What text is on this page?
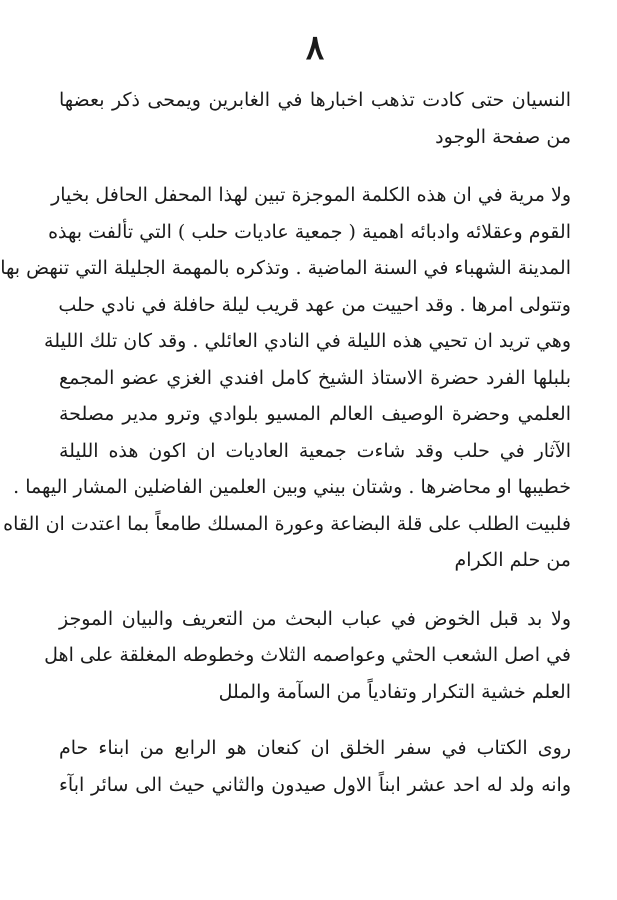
٨
النسيان حتى كادت تذهب اخبارها في الغابرين ويمحى ذكر بعضها
من صفحة الوجود
ولا مرية في ان هذه الكلمة الموجزة تبين لهذا المحفل الحافل بخيار
القوم وعقلائه وادبائه اهمية ( جمعية عاديات حلب ) التي تألفت بهذه
المدينة الشهباء في السنة الماضية . وتذكره بالمهمة الجليلة التي تنهض بها
وتتولى امرها . وقد احييت من عهد قريب ليلة حافلة في نادي حلب
وهي تريد ان تحيي هذه الليلة في النادي العائلي . وقد كان تلك الليلة
بلبلها الفرد حضرة الاستاذ الشيخ كامل افندي الغزي عضو المجمع
العلمي وحضرة الوصيف العالم المسيو بلوادي وترو مدير مصلحة
الآثار في حلب وقد شاءت جمعية العاديات ان اكون هذه الليلة
خطيبها او محاضرها . وشتان بيني وبين العلمين الفاضلين المشار اليهما .
فلبيت الطلب على قلة البضاعة وعورة المسلك طامعاً بما اعتدت ان القاه
من حلم الكرام
ولا بد قبل الخوض في عباب البحث من التعريف والبيان الموجز
في اصل الشعب الحثي وعواصمه الثلاث وخطوطه المغلقة على اهل
العلم خشية التكرار وتفادياً من السآمة والملل
روى الكتاب في سفر الخلق ان كنعان هو الرابع من ابناء حام
وانه ولد له احد عشر ابناً الاول صيدون والثاني حيث الى سائر ابآء
